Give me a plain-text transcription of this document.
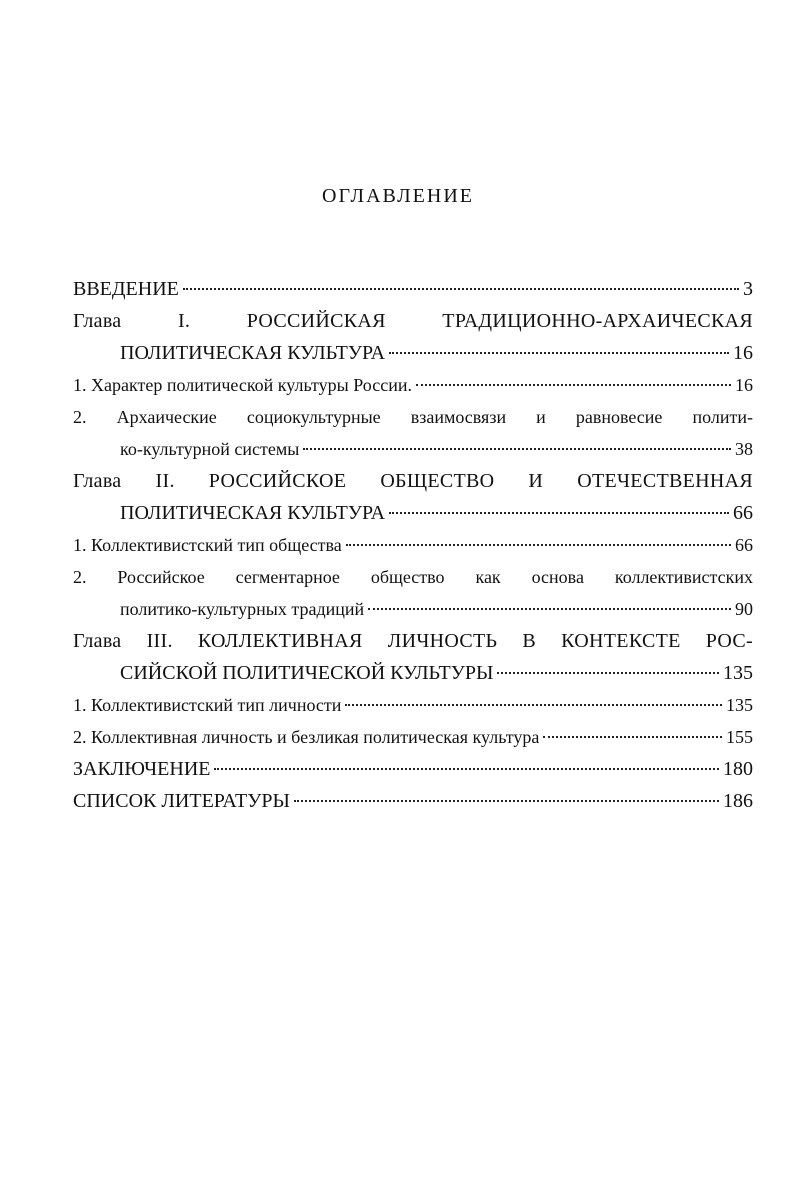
ОГЛАВЛЕНИЕ
ВВЕДЕНИЕ	3
Глава I. РОССИЙСКАЯ ТРАДИЦИОННО-АРХАИЧЕСКАЯ
ПОЛИТИЧЕСКАЯ КУЛЬТУРА	16
1. Характер политической культуры России.	16
2. Архаические социокультурные взаимосвязи и равновесие полити-
ко-культурной системы	38
Глава II. РОССИЙСКОЕ ОБЩЕСТВО И ОТЕЧЕСТВЕННАЯ
ПОЛИТИЧЕСКАЯ КУЛЬТУРА	66
1. Коллективистский тип общества	66
2. Российское сегментарное общество как основа коллективистских
политико-культурных традиций	90
Глава III. КОЛЛЕКТИВНАЯ ЛИЧНОСТЬ В КОНТЕКСТЕ РОС-
СИЙСКОЙ ПОЛИТИЧЕСКОЙ КУЛЬТУРЫ	135
1. Коллективистский тип личности	135
2. Коллективная личность и безликая политическая культура	155
ЗАКЛЮЧЕНИЕ	180
СПИСОК ЛИТЕРАТУРЫ	186
